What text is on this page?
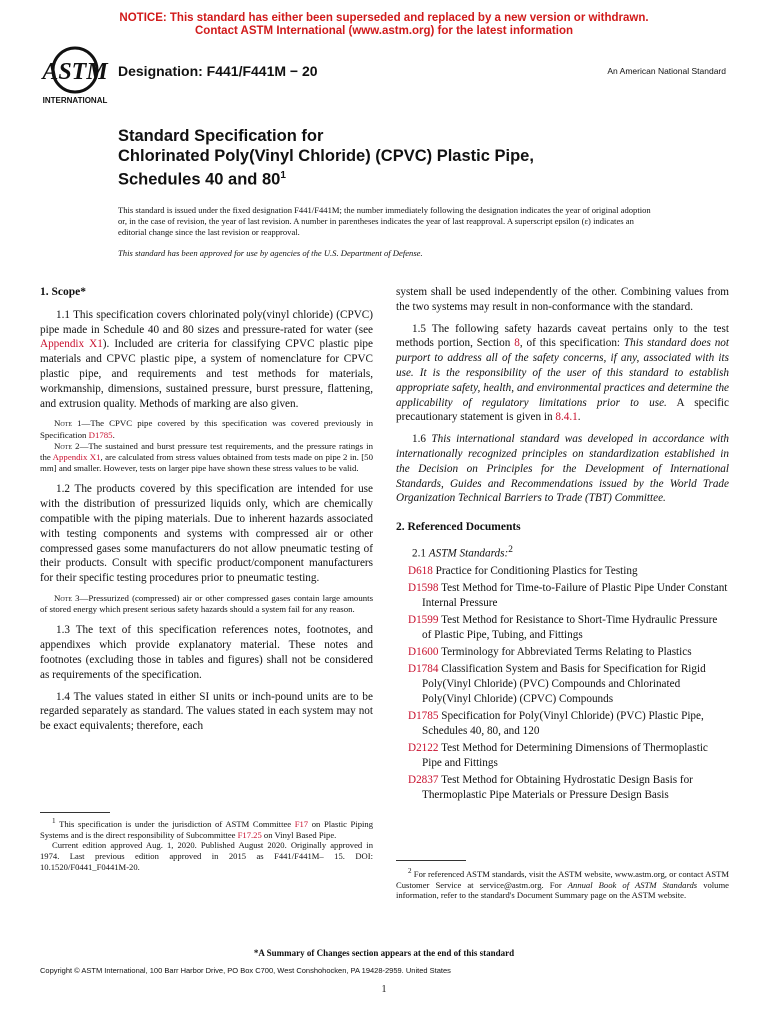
NOTICE: This standard has either been superseded and replaced by a new version or withdrawn.
Contact ASTM International (www.astm.org) for the latest information
ASTM
INTERNATIONAL
Designation: F441/F441M − 20	An American National Standard
Standard Specification for
Chlorinated Poly(Vinyl Chloride) (CPVC) Plastic Pipe,
Schedules 40 and $80^1$
This standard is issued under the fixed designation F441/F441M; the number immediately following the designation indicates the year of original adoption or, in the case of revision, the year of last revision. A number in parentheses indicates the year of last reapproval. A superscript epsilon (ε) indicates an editorial change since the last revision or reapproval.
This standard has been approved for use by agencies of the U.S. Department of Defense.
1. Scope*

1.1 This specification covers chlorinated poly(vinyl chloride) (CPVC) pipe made in Schedule 40 and 80 sizes and pressure-rated for water (see Appendix X1). Included are criteria for classifying CPVC plastic pipe materials and CPVC plastic pipe, a system of nomenclature for CPVC plastic pipe, and requirements and test methods for materials, workmanship, dimensions, sustained pressure, burst pressure, flattening, and extrusion quality. Methods of marking are also given.

Note 1—The CPVC pipe covered by this specification was covered previously in Specification D1785.

Note 2—The sustained and burst pressure test requirements, and the pressure ratings in the Appendix X1, are calculated from stress values obtained from tests made on pipe 2 in. [50 mm] and smaller. However, tests on larger pipe have shown these stress values to be valid.

1.2 The products covered by this specification are intended for use with the distribution of pressurized liquids only, which are chemically compatible with the piping materials. Due to inherent hazards associated with testing components and systems with compressed air or other compressed gases some manufacturers do not allow pneumatic testing of their products. Consult with specific product/component manufacturers for their specific testing procedures prior to pneumatic testing.

Note 3—Pressurized (compressed) air or other compressed gases contain large amounts of stored energy which present serious safety hazards should a system fail for any reason.

1.3 The text of this specification references notes, footnotes, and appendixes which provide explanatory material. These notes and footnotes (excluding those in tables and figures) shall not be considered as requirements of the specification.

1.4 The values stated in either SI units or inch-pound units are to be regarded separately as standard. The values stated in each system may not be exact equivalents; therefore, each

system shall be used independently of the other. Combining values from the two systems may result in non-conformance with the standard.

1.5 The following safety hazards caveat pertains only to the test methods portion, Section 8, of this specification: This standard does not purport to address all of the safety concerns, if any, associated with its use. It is the responsibility of the user of this standard to establish appropriate safety, health, and environmental practices and determine the applicability of regulatory limitations prior to use. A specific precautionary statement is given in 8.4.1.

1.6 This international standard was developed in accordance with internationally recognized principles on standardization established in the Decision on Principles for the Development of International Standards, Guides and Recommendations issued by the World Trade Organization Technical Barriers to Trade (TBT) Committee.

2. Referenced Documents

2.1 ASTM Standards:$^2$

D618 Practice for Conditioning Plastics for Testing
D1598 Test Method for Time-to-Failure of Plastic Pipe Under Constant Internal Pressure
D1599 Test Method for Resistance to Short-Time Hydraulic Pressure of Plastic Pipe, Tubing, and Fittings
D1600 Terminology for Abbreviated Terms Relating to Plastics
D1784 Classification System and Basis for Specification for Rigid Poly(Vinyl Chloride) (PVC) Compounds and Chlorinated Poly(Vinyl Chloride) (CPVC) Compounds
D1785 Specification for Poly(Vinyl Chloride) (PVC) Plastic Pipe, Schedules 40, 80, and 120
D2122 Test Method for Determining Dimensions of Thermoplastic Pipe and Fittings
D2837 Test Method for Obtaining Hydrostatic Design Basis for Thermoplastic Pipe Materials or Pressure Design Basis

$^1$ This specification is under the jurisdiction of ASTM Committee F17 on Plastic Piping Systems and is the direct responsibility of Subcommittee F17.25 on Vinyl Based Pipe.

Current edition approved Aug. 1, 2020. Published August 2020. Originally approved in 1974. Last previous edition approved in 2015 as F441/F441M– 15. DOI: 10.1520/F0441_F0441M-20.	$^2$ For referenced ASTM standards, visit the ASTM website, www.astm.org, or contact ASTM Customer Service at service@astm.org. For Annual Book of ASTM Standards volume information, refer to the standard's Document Summary page on the ASTM website.

*A Summary of Changes section appears at the end of this standard
Copyright © ASTM International, 100 Barr Harbor Drive, PO Box C700, West Conshohocken, PA 19428-2959. United States
1
